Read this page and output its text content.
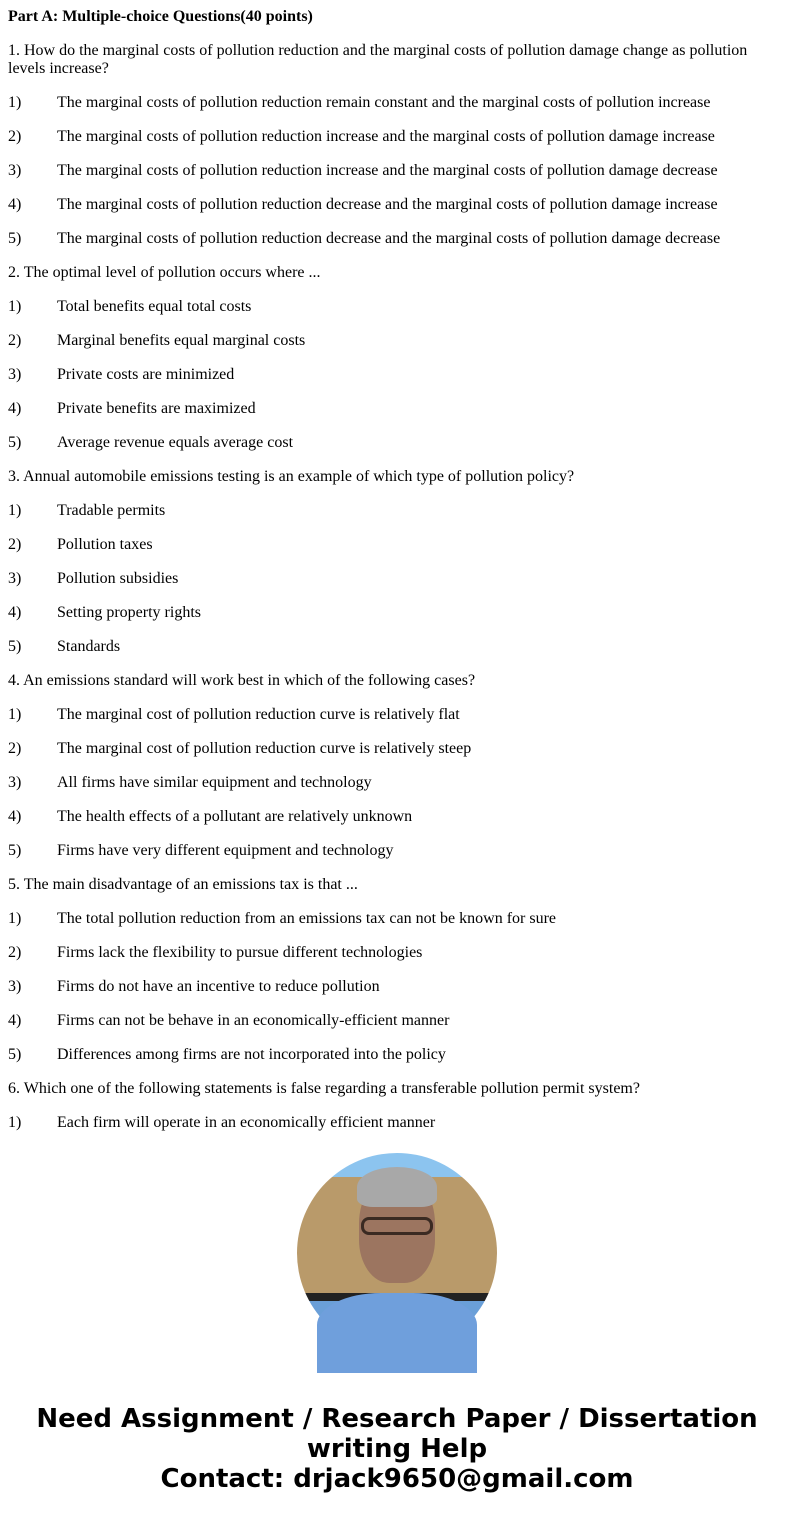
Part A: Multiple-choice Questions(40 points)

1. How do the marginal costs of pollution reduction and the marginal costs of pollution damage change as pollution levels increase?

1) The marginal costs of pollution reduction remain constant and the marginal costs of pollution increase

2) The marginal costs of pollution reduction increase and the marginal costs of pollution damage increase

3) The marginal costs of pollution reduction increase and the marginal costs of pollution damage decrease

4) The marginal costs of pollution reduction decrease and the marginal costs of pollution damage increase

5) The marginal costs of pollution reduction decrease and the marginal costs of pollution damage decrease

2. The optimal level of pollution occurs where ...

1) Total benefits equal total costs

2) Marginal benefits equal marginal costs

3) Private costs are minimized

4) Private benefits are maximized

5) Average revenue equals average cost

3. Annual automobile emissions testing is an example of which type of pollution policy?

1) Tradable permits

2) Pollution taxes

3) Pollution subsidies

4) Setting property rights

5) Standards

4. An emissions standard will work best in which of the following cases?

1) The marginal cost of pollution reduction curve is relatively flat

2) The marginal cost of pollution reduction curve is relatively steep

3) All firms have similar equipment and technology

4) The health effects of a pollutant are relatively unknown

5) Firms have very different equipment and technology

5. The main disadvantage of an emissions tax is that ...

1) The total pollution reduction from an emissions tax can not be known for sure

2) Firms lack the flexibility to pursue different technologies

3) Firms do not have an incentive to reduce pollution

4) Firms can not be behave in an economically-efficient manner

5) Differences among firms are not incorporated into the policy

6. Which one of the following statements is false regarding a transferable pollution permit system?

1) Each firm will operate in an economically efficient manner

Need Assignment / Research Paper / Dissertation writing Help
Contact: drjack9650@gmail.com
